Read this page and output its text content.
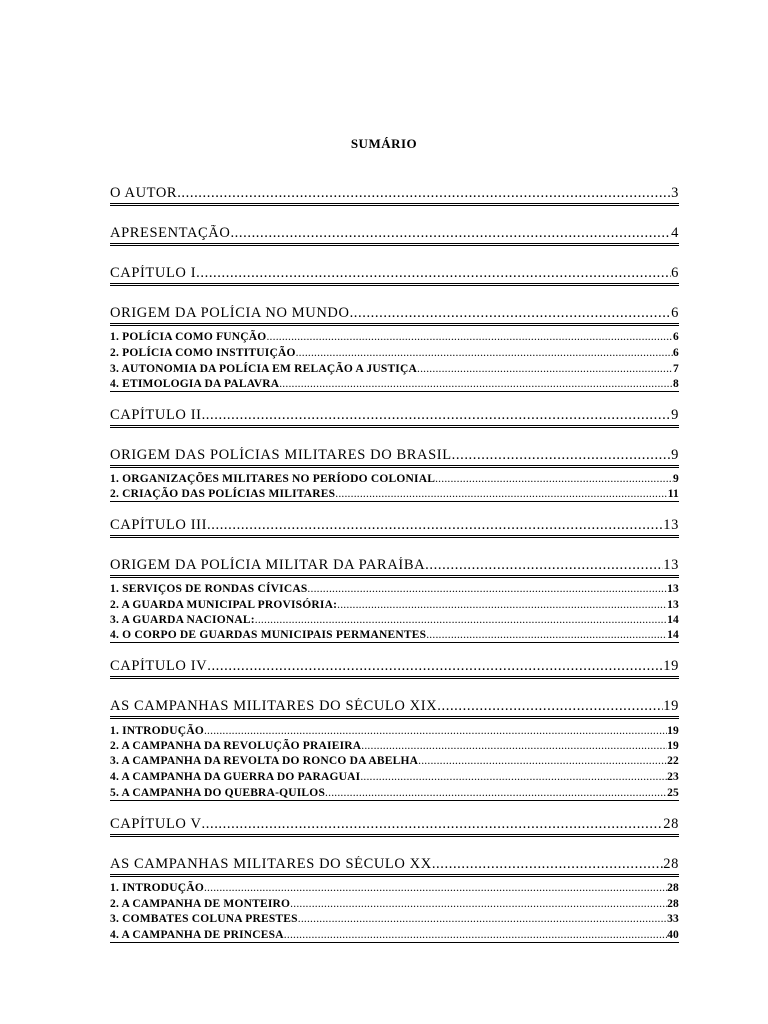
SUMÁRIO
O AUTOR .....	3
APRESENTAÇÃO .....	4
CAPÍTULO I .....	6
ORIGEM DA POLÍCIA NO MUNDO .....	6
1. POLÍCIA COMO FUNÇÃO .....	6
2. POLÍCIA COMO INSTITUIÇÃO .....	6
3. AUTONOMIA DA POLÍCIA EM RELAÇÃO A JUSTIÇA .....	7
4. ETIMOLOGIA DA PALAVRA .....	8
CAPÍTULO II .....	9
ORIGEM DAS POLÍCIAS MILITARES DO BRASIL .....	9
1. ORGANIZAÇÕES MILITARES NO PERÍODO COLONIAL .....	9
2. CRIAÇÃO DAS POLÍCIAS MILITARES .....	11
CAPÍTULO III .....	13
ORIGEM DA POLÍCIA MILITAR DA PARAÍBA .....	13
1. SERVIÇOS DE RONDAS CÍVICAS .....	13
2. A GUARDA MUNICIPAL PROVISÓRIA: .....	13
3. A GUARDA NACIONAL: .....	14
4. O CORPO DE GUARDAS MUNICIPAIS PERMANENTES .....	14
CAPÍTULO IV .....	19
AS CAMPANHAS MILITARES DO SÉCULO XIX .....	19
1. INTRODUÇÃO .....	19
2. A CAMPANHA DA REVOLUÇÃO PRAIEIRA .....	19
3. A CAMPANHA DA REVOLTA DO RONCO DA ABELHA .....	22
4. A CAMPANHA DA GUERRA DO PARAGUAI .....	23
5. A CAMPANHA DO QUEBRA-QUILOS .....	25
CAPÍTULO V .....	28
AS CAMPANHAS MILITARES DO SÉCULO XX .....	28
1. INTRODUÇÃO .....	28
2. A CAMPANHA DE MONTEIRO .....	28
3. COMBATES COLUNA PRESTES .....	33
4. A CAMPANHA DE PRINCESA .....	40
